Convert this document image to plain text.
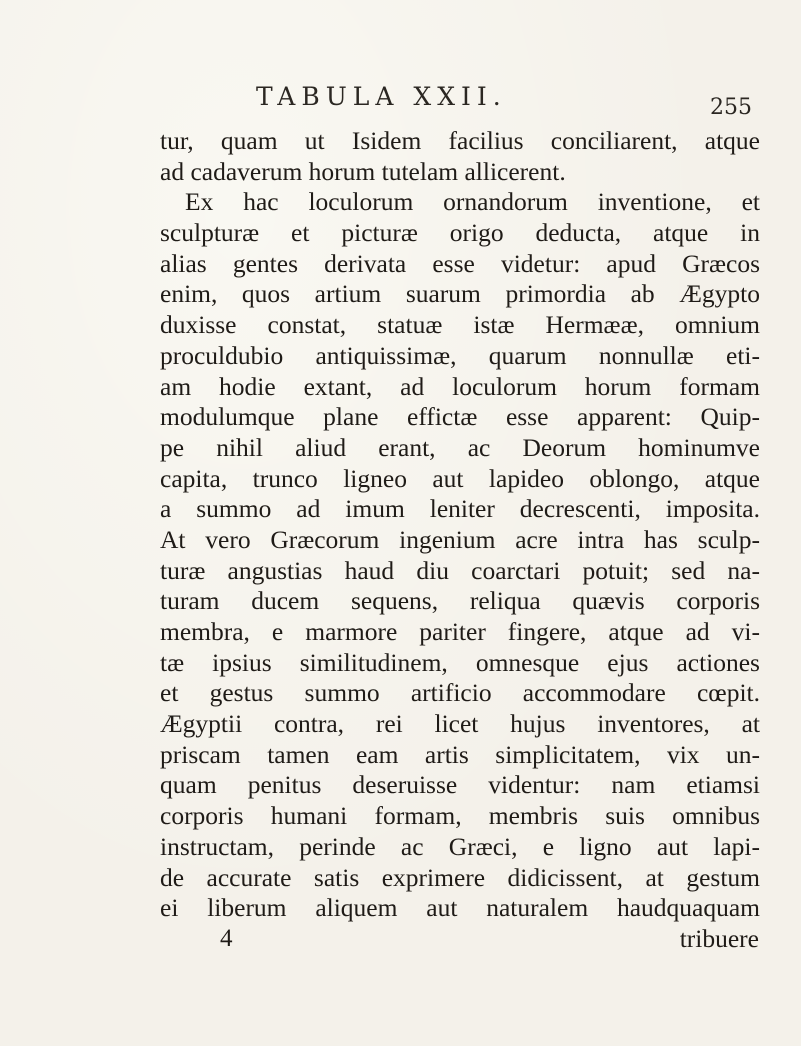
TABULA XXII.	255
tur, quam ut Isidem facilius conciliarent, atque
ad cadaverum horum tutelam allicerent.
Ex hac loculorum ornandorum inventione, et
sculpturæ et picturæ origo deducta, atque in
alias gentes derivata esse videtur: apud Græcos
enim, quos artium suarum primordia ab Ægypto
duxisse constat, statuæ istæ Hermææ, omnium
proculdubio antiquissimæ, quarum nonnullæ eti-
am hodie extant, ad loculorum horum formam
modulumque plane effictæ esse apparent: Quip-
pe nihil aliud erant, ac Deorum hominumve
capita, trunco ligneo aut lapideo oblongo, atque
a summo ad imum leniter decrescenti, imposita.
At vero Græcorum ingenium acre intra has sculp-
turæ angustias haud diu coarctari potuit; sed na-
turam ducem sequens, reliqua quævis corporis
membra, e marmore pariter fingere, atque ad vi-
tæ ipsius similitudinem, omnesque ejus actiones
et gestus summo artificio accommodare cœpit.
Ægyptii contra, rei licet hujus inventores, at
priscam tamen eam artis simplicitatem, vix un-
quam penitus deseruisse videntur: nam etiamsi
corporis humani formam, membris suis omnibus
instructam, perinde ac Græci, e ligno aut lapi-
de accurate satis exprimere didicissent, at gestum
ei liberum aliquem aut naturalem haudquaquam
4	tribuere
